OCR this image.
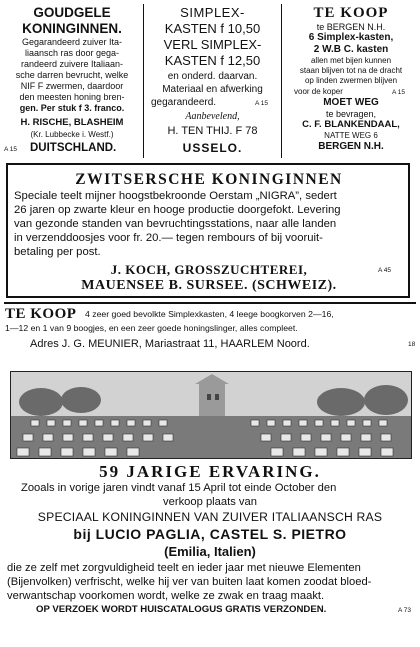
GOUDGELE
KONINGINNEN.
Gegarandeerd zuiver Ita-
liaansch ras door gega-
randeerd zuivere Italiaan-
sche darren bevrucht, welke
NIF F zwermen, daardoor
den meesten honing bren-
gen. Per stuk f 3. franco.
H. RISCHE, BLASHEIM
(Kr. Lubbecke i. Westf.)
A 15 DUITSCHLAND.
SIMPLEX-
KASTEN f 10,50
VERL SIMPLEX-
KASTEN f 12,50
en onderd. daarvan.
Materiaal en afwerking
gegarandeerd.	A 15
Aanbevelend,
H. TEN THIJ. F 78
USSELO.
TE KOOP
te BERGEN N.H.
6 Simplex-kasten,
2 W.B C. kasten
allen met bijen kunnen
staan blijven tot na de dracht
op linden zwermen blijven
voor de koper	A 15
MOET WEG
te bevragen,
C. F. BLANKENDAAL,
NATTE WEG 6
BERGEN N.H.
ZWITSERSCHE KONINGINNEN
Speciale teelt mijner hoogstbekroonde Oerstam „NIGRA”, sedert
26 jaren op zwarte kleur en hooge productie doorgefokt. Levering
van gezonde standen van bevruchtingsstations, naar alle landen
in verzenddoosjes voor fr. 20.— tegen rembours of bij vooruit-
betaling per post.
J. KOCH, GROSSZUCHTEREI,	A 45
MAUENSEE B. SURSEE. (SCHWEIZ).
TE KOOP 4 zeer goed bevolkte Simplexkasten, 4 leege boogkorven 2—16,
1—12 en 1 van 9 boogjes, en een zeer goede honingslinger, alles compleet.
Adres J. G. MEUNIER, Mariastraat 11, HAARLEM Noord.	18
59 JARIGE ERVARING.
Zooals in vorige jaren vindt vanaf 15 April tot einde October den
verkoop plaats van
SPECIAAL KONINGINNEN VAN ZUIVER ITALIAANSCH RAS
bij LUCIO PAGLIA, CASTEL S. PIETRO
(Emilia, Italien)
die ze zelf met zorgvuldigheid teelt en ieder jaar met nieuwe Elementen
(Bijenvolken) verfrischt, welke hij ver van buiten laat komen zoodat bloed-
verwantschap voorkomen wordt, welke ze zwak en traag maakt.
OP VERZOEK WORDT HUISCATALOGUS GRATIS VERZONDEN.	A 73
